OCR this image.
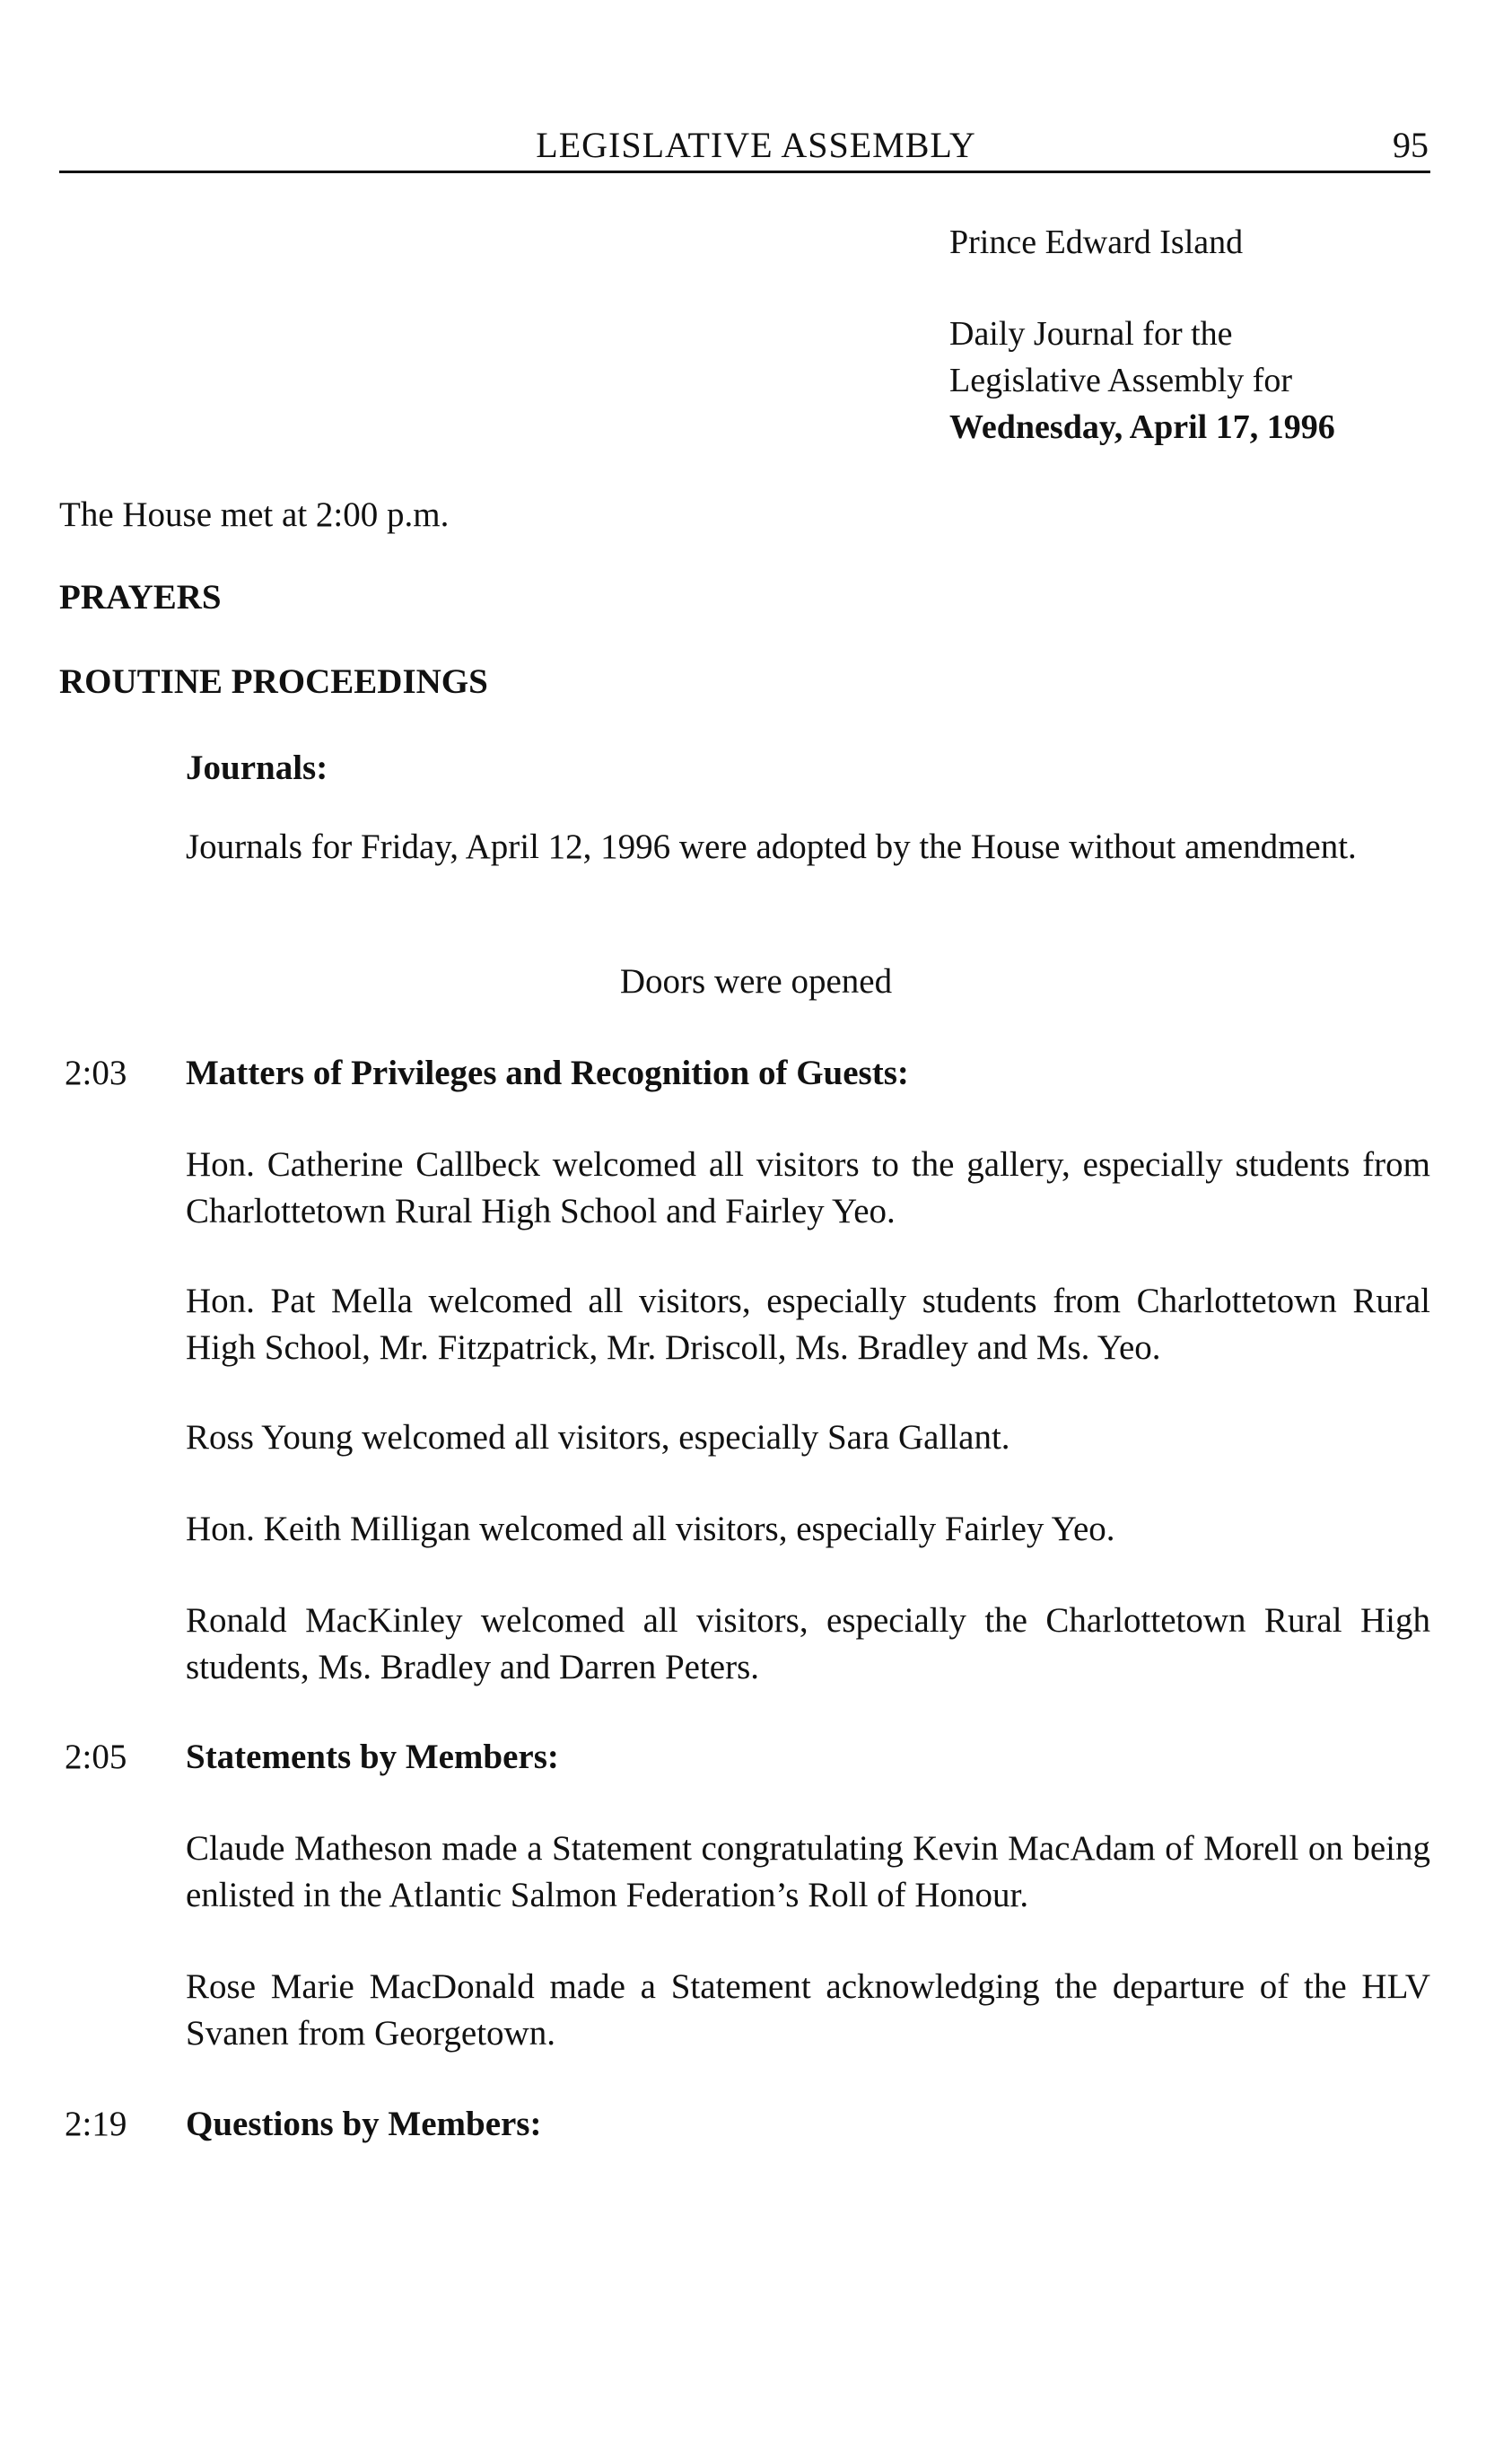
LEGISLATIVE ASSEMBLY	95
Prince Edward Island
Daily Journal for the
Legislative Assembly for
Wednesday, April 17, 1996
The House met at 2:00 p.m.
PRAYERS
ROUTINE PROCEEDINGS
Journals:
Journals for Friday, April 12, 1996 were adopted by the House without amendment.
Doors were opened
2:03 Matters of Privileges and Recognition of Guests:
Hon. Catherine Callbeck welcomed all visitors to the gallery, especially students from Charlottetown Rural High School and Fairley Yeo.
Hon. Pat Mella welcomed all visitors, especially students from Charlottetown Rural High School, Mr. Fitzpatrick, Mr. Driscoll, Ms. Bradley and Ms. Yeo.
Ross Young welcomed all visitors, especially Sara Gallant.
Hon. Keith Milligan welcomed all visitors, especially Fairley Yeo.
Ronald MacKinley welcomed all visitors, especially the Charlottetown Rural High students, Ms. Bradley and Darren Peters.
2:05 Statements by Members:
Claude Matheson made a Statement congratulating Kevin MacAdam of Morell on being enlisted in the Atlantic Salmon Federation’s Roll of Honour.
Rose Marie MacDonald made a Statement acknowledging the departure of the HLV Svanen from Georgetown.
2:19 Questions by Members:
